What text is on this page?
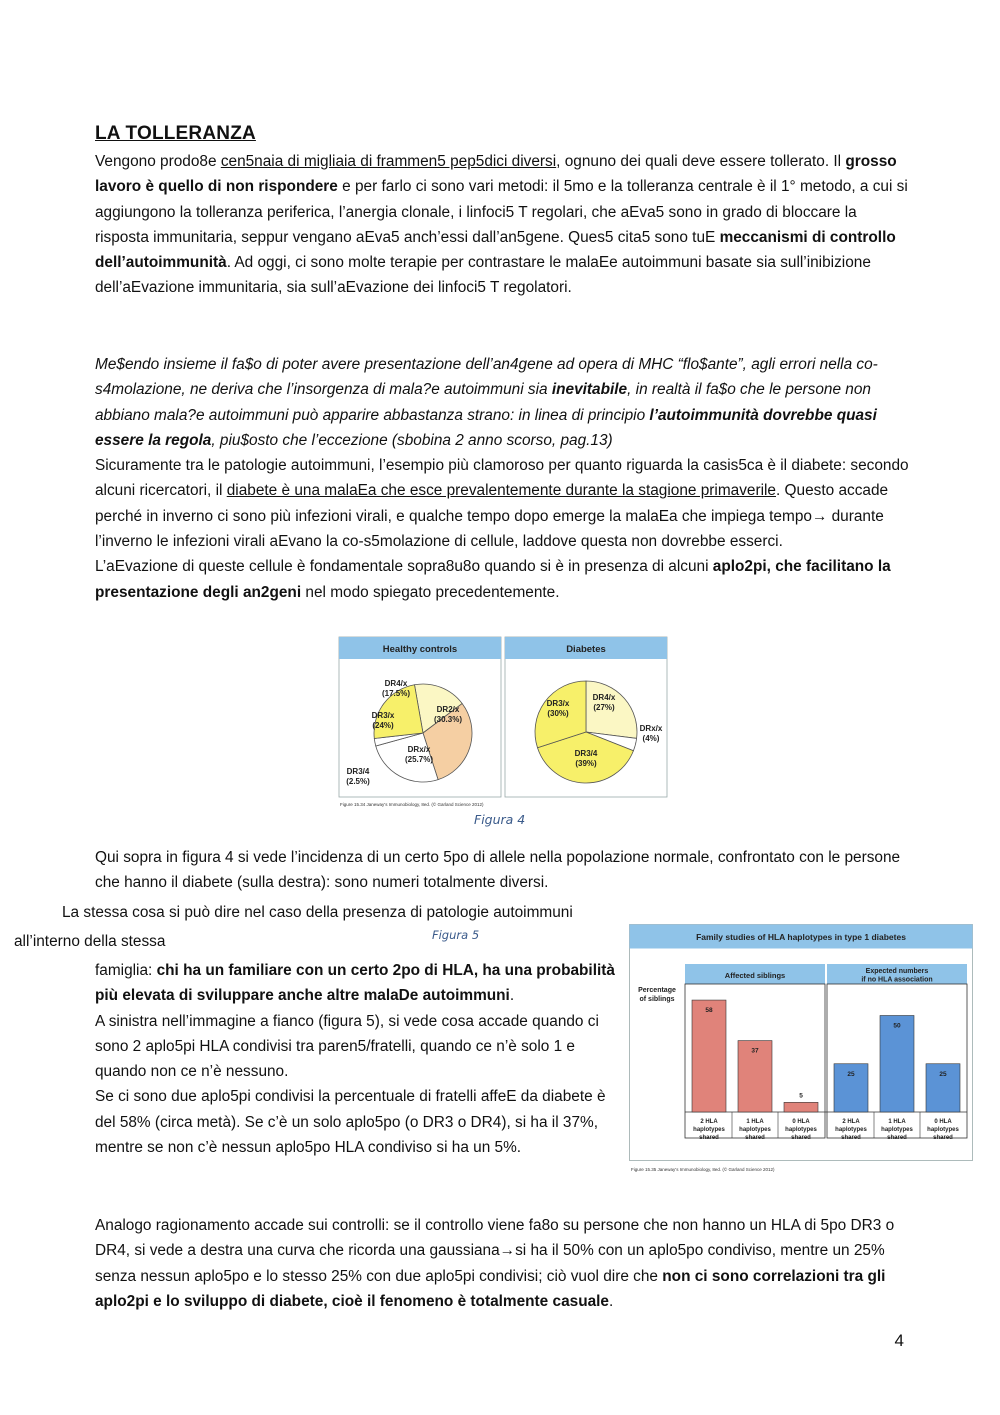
LA TOLLERANZA

Vengono prodo8e cen5naia di migliaia di frammen5 pep5dici diversi, ognuno dei quali deve essere tollerato. Il grosso lavoro è quello di non rispondere e per farlo ci sono vari metodi: il 5mo e la tolleranza centrale è il 1° metodo, a cui si aggiungono la tolleranza periferica, l’anergia clonale, i linfoci5 T regolari, che aEva5 sono in grado di bloccare la risposta immunitaria, seppur vengano aEva5 anch’essi dall’an5gene. Ques5 cita5 sono tuE meccanismi di controllo dell’autoimmunità. Ad oggi, ci sono molte terapie per contrastare le malaEe autoimmuni basate sia sull’inibizione dell’aEvazione immunitaria, sia sull’aEvazione dei linfoci5 T regolatori.

Me$endo insieme il fa$o di poter avere presentazione dell’an4gene ad opera di MHC “flo$ante”, agli errori nella co-s4molazione, ne deriva che l’insorgenza di mala?e autoimmuni sia inevitabile, in realtà il fa$o che le persone non abbiano mala?e autoimmuni può apparire abbastanza strano: in linea di principio l’autoimmunità dovrebbe quasi essere la regola, piu$osto che l’eccezione (sbobina 2 anno scorso, pag.13)

Sicuramente tra le patologie autoimmuni, l’esempio più clamoroso per quanto riguarda la casis5ca è il diabete: secondo alcuni ricercatori, il diabete è una malaEa che esce prevalentemente durante la stagione primaverile. Questo accade perché in inverno ci sono più infezioni virali, e qualche tempo dopo emerge la malaEa che impiega tempo→ durante l’inverno le infezioni virali aEvano la co-s5molazione di cellule, laddove questa non dovrebbe esserci.

L’aEvazione di queste cellule è fondamentale sopra8u8o quando si è in presenza di alcuni aplo2pi, che facilitano la presentazione degli an2geni nel modo spiegato precedentemente.

Healthy controls	Diabetes
DR4/x
(17.5%)
DR2/x
(30.3%)
DRx/x
(25.7%)
DR3/4
(2.5%)
DR3/x
(24%)
DR4/x
(27%)
DRx/x
(4%)
DR3/4
(39%)
DR3/x
(30%)
Figure 15.34 Janeway’s Immunobiology, 8ed. (© Garland Science 2012)
Figura 4

Qui sopra in figura 4 si vede l’incidenza di un certo 5po di allele nella popolazione normale, confrontato con le persone che hanno il diabete (sulla destra): sono numeri totalmente diversi.

La stessa cosa si può dire nel caso della presenza di patologie autoimmuni
all’interno della stessa	Figura 5

famiglia: chi ha un familiare con un certo 2po di HLA, ha una probabilità più elevata di sviluppare anche altre malaDe autoimmuni.

A sinistra nell’immagine a fianco (figura 5), si vede cosa accade quando ci sono 2 aplo5pi HLA condivisi tra paren5/fratelli, quando ce n’è solo 1 e quando non ce n’è nessuno.

Se ci sono due aplo5pi condivisi la percentuale di fratelli affeE da diabete è del 58% (circa metà). Se c’è un solo aplo5po (o DR3 o DR4), si ha il 37%, mentre se non c’è nessun aplo5po HLA condiviso si ha un 5%.

Family studies of HLA haplotypes in type 1 diabetes
Affected siblings	Expected numbers
if no HLA association
Percentage
of siblings
58
2 HLA
haplotypes
shared
37
1 HLA
haplotypes
shared
5
0 HLA
haplotypes
shared
25
2 HLA
haplotypes
shared
50
1 HLA
haplotypes
shared
25
0 HLA
haplotypes
shared
Figure 15.35 Janeway’s Immunobiology, 8ed. (© Garland Science 2012)

Analogo ragionamento accade sui controlli: se il controllo viene fa8o su persone che non hanno un HLA di 5po DR3 o DR4, si vede a destra una curva che ricorda una gaussiana→si ha il 50% con un aplo5po condiviso, mentre un 25% senza nessun aplo5po e lo stesso 25% con due aplo5pi condivisi; ciò vuol dire che non ci sono correlazioni tra gli aplo2pi e lo sviluppo di diabete, cioè il fenomeno è totalmente casuale.

4
